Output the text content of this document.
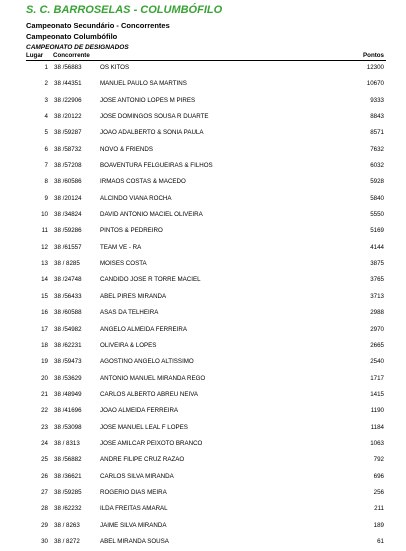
S. C. BARROSELAS - COLUMBÓFILO
Campeonato Secundário - Concorrentes
Campeonato Columbófilo
CAMPEONATO DE DESIGNADOS
Lugar Concorrente	Pontos
1 38 /56883	OS KITOS	12300
2 38 /44351	MANUEL PAULO SA MARTINS	10670
3 38 /22906	JOSE ANTONIO LOPES M PIRES	9333
4 38 /20122	JOSE DOMINGOS SOUSA R DUARTE	8843
5 38 /59287	JOAO ADALBERTO & SONIA PAULA	8571
6 38 /58732	NOVO & FRIENDS	7632
7 38 /57208	BOAVENTURA FELGUEIRAS & FILHOS	6032
8 38 /60586	IRMAOS COSTAS & MACEDO	5928
9 38 /20124	ALCINDO VIANA ROCHA	5840
10 38 /34824	DAVID ANTONIO MACIEL OLIVEIRA	5550
11 38 /59286	PINTOS & PEDREIRO	5169
12 38 /61557	TEAM VE - RA	4144
13 38 / 8285	MOISES COSTA	3875
14 38 /24748	CANDIDO JOSE R TORRE MACIEL	3765
15 38 /56433	ABEL PIRES MIRANDA	3713
16 38 /60588	ASAS DA TELHEIRA	2988
17 38 /54982	ANGELO ALMEIDA FERREIRA	2970
18 38 /62231	OLIVEIRA & LOPES	2665
19 38 /59473	AGOSTINO ANGELO ALTISSIMO	2540
20 38 /53629	ANTONIO MANUEL MIRANDA REGO	1717
21 38 /48949	CARLOS ALBERTO ABREU NEIVA	1415
22 38 /41696	JOAO ALMEIDA FERREIRA	1190
23 38 /53098	JOSE MANUEL LEAL F LOPES	1184
24 38 / 8313	JOSE AMILCAR PEIXOTO BRANCO	1063
25 38 /56882	ANDRE FILIPE CRUZ RAZAO	792
26 38 /36621	CARLOS SILVA MIRANDA	696
27 38 /59285	ROGERIO DIAS MEIRA	256
28 38 /62232	ILDA FREITAS AMARAL	211
29 38 / 8263	JAIME SILVA MIRANDA	189
30 38 / 8272	ABEL MIRANDA SOUSA	61
